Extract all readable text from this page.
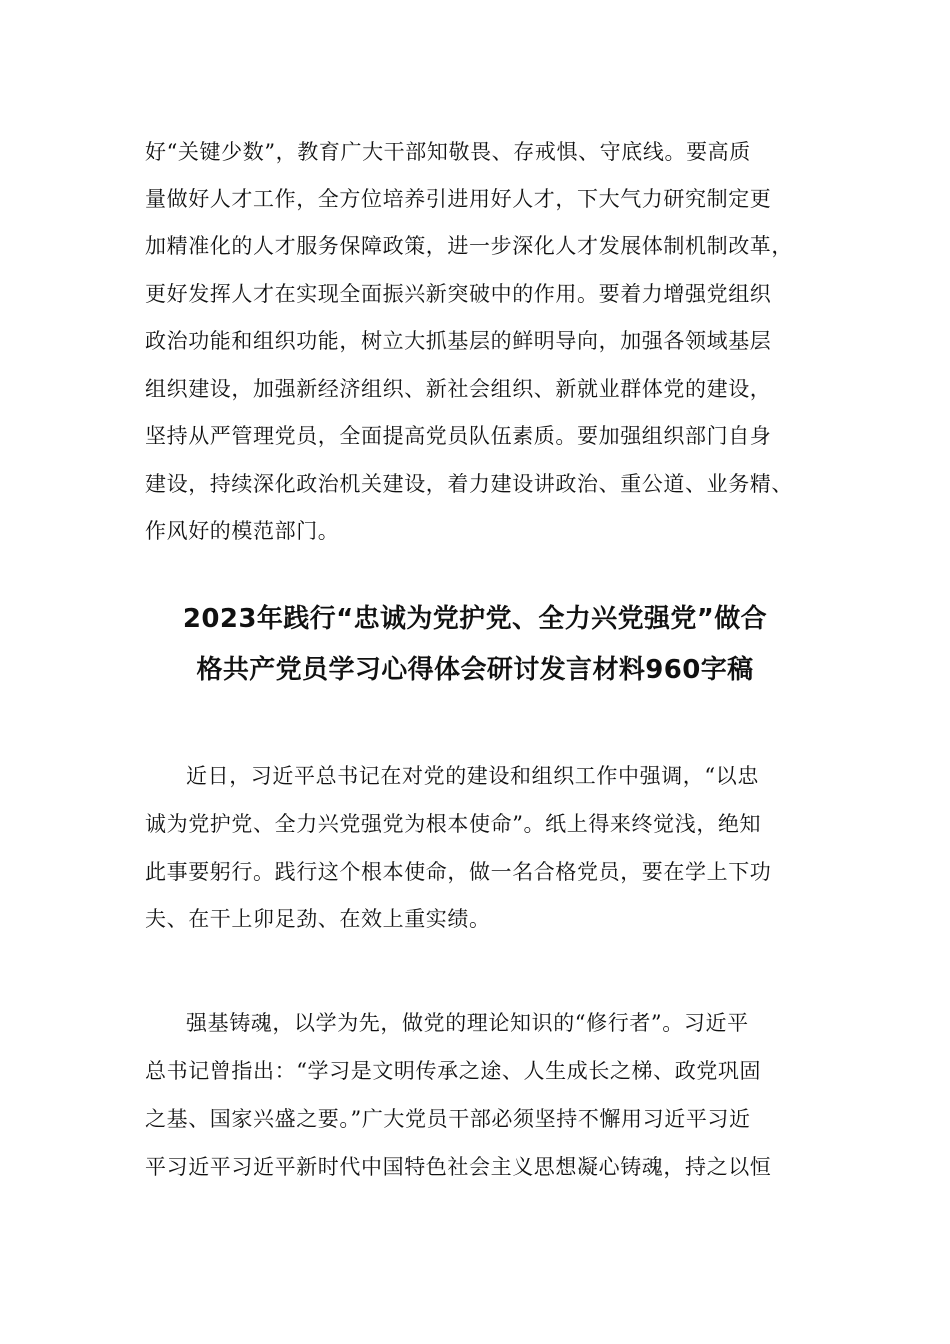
好“关键少数”，教育广大干部知敬畏、存戒惧、守底线。要高质
量做好人才工作，全方位培养引进用好人才，下大气力研究制定更
加精准化的人才服务保障政策，进一步深化人才发展体制机制改革，
更好发挥人才在实现全面振兴新突破中的作用。要着力增强党组织
政治功能和组织功能，树立大抓基层的鲜明导向，加强各领域基层
组织建设，加强新经济组织、新社会组织、新就业群体党的建设，
坚持从严管理党员，全面提高党员队伍素质。要加强组织部门自身
建设，持续深化政治机关建设，着力建设讲政治、重公道、业务精、
作风好的模范部门。
2023年践行“忠诚为党护党、全力兴党强党”做合
格共产党员学习心得体会研讨发言材料960字稿
近日，习近平总书记在对党的建设和组织工作中强调，“以忠
诚为党护党、全力兴党强党为根本使命”。纸上得来终觉浅，绝知
此事要躬行。践行这个根本使命，做一名合格党员，要在学上下功
夫、在干上卯足劲、在效上重实绩。
强基铸魂，以学为先，做党的理论知识的“修行者”。习近平
总书记曾指出：“学习是文明传承之途、人生成长之梯、政党巩固
之基、国家兴盛之要。”广大党员干部必须坚持不懈用习近平习近
平习近平习近平新时代中国特色社会主义思想凝心铸魂，持之以恒
